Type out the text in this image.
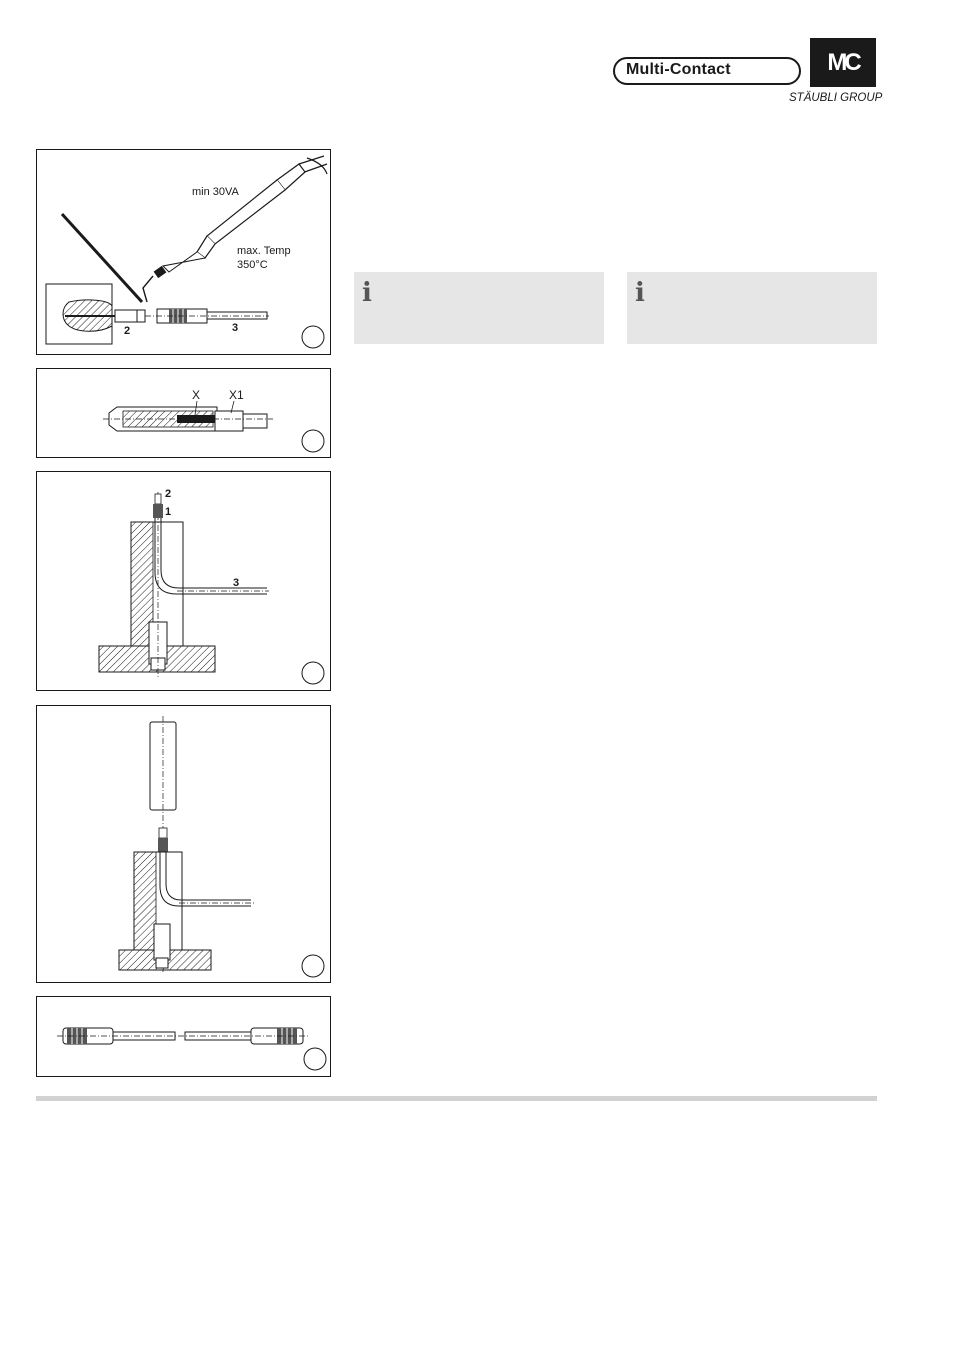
Multi-Contact	MC
STÄUBLI GROUP
min 30VA
max. Temp
350°C
2	3
i	i
X X1
2
1
3
